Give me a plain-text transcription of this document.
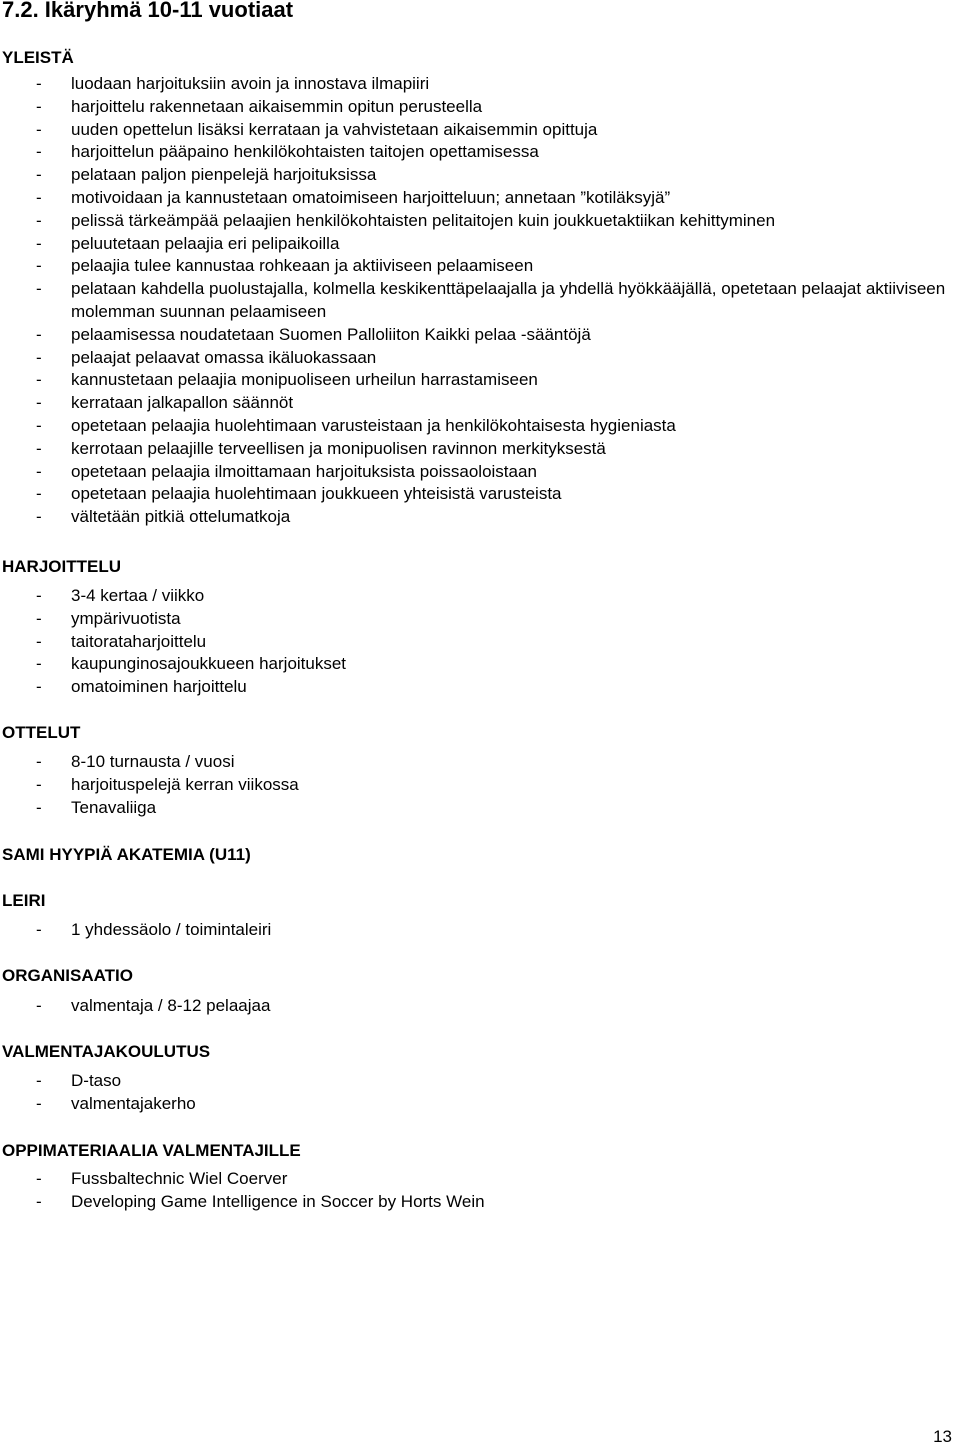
7.2. Ikäryhmä 10-11 vuotiaat
YLEISTÄ
- luodaan harjoituksiin avoin ja innostava ilmapiiri
- harjoittelu rakennetaan aikaisemmin opitun perusteella
- uuden opettelun lisäksi kerrataan ja vahvistetaan aikaisemmin opittuja
- harjoittelun pääpaino henkilökohtaisten taitojen opettamisessa
- pelataan paljon pienpelejä harjoituksissa
- motivoidaan ja kannustetaan omatoimiseen harjoitteluun; annetaan ”kotiläksyjä”
- pelissä tärkeämpää pelaajien henkilökohtaisten pelitaitojen kuin joukkuetaktiikan kehittyminen
- peluutetaan pelaajia eri pelipaikoilla
- pelaajia tulee kannustaa rohkeaan ja aktiiviseen pelaamiseen
- pelataan kahdella puolustajalla, kolmella keskikenttäpelaajalla ja yhdellä hyökkääjällä, opetetaan pelaajat aktiiviseen molemman suunnan pelaamiseen
- pelaamisessa noudatetaan Suomen Palloliiton Kaikki pelaa -sääntöjä
- pelaajat pelaavat omassa ikäluokassaan
- kannustetaan pelaajia monipuoliseen urheilun harrastamiseen
- kerrataan jalkapallon säännöt
- opetetaan pelaajia huolehtimaan varusteistaan ja henkilökohtaisesta hygieniasta
- kerrotaan pelaajille terveellisen ja monipuolisen ravinnon merkityksestä
- opetetaan pelaajia ilmoittamaan harjoituksista poissaoloistaan
- opetetaan pelaajia huolehtimaan joukkueen yhteisistä varusteista
- vältetään pitkiä ottelumatkoja
HARJOITTELU
- 3-4 kertaa / viikko
- ympärivuotista
- taitorataharjoittelu
- kaupunginosajoukkueen harjoitukset
- omatoiminen harjoittelu
OTTELUT
- 8-10 turnausta / vuosi
- harjoituspelejä kerran viikossa
- Tenavaliiga
SAMI HYYPIÄ AKATEMIA (U11)
LEIRI
- 1 yhdessäolo / toimintaleiri
ORGANISAATIO
- valmentaja / 8-12 pelaajaa
VALMENTAJAKOULUTUS
- D-taso
- valmentajakerho
OPPIMATERIAALIA VALMENTAJILLE
- Fussbaltechnic Wiel Coerver
- Developing Game Intelligence in Soccer by Horts Wein
13
